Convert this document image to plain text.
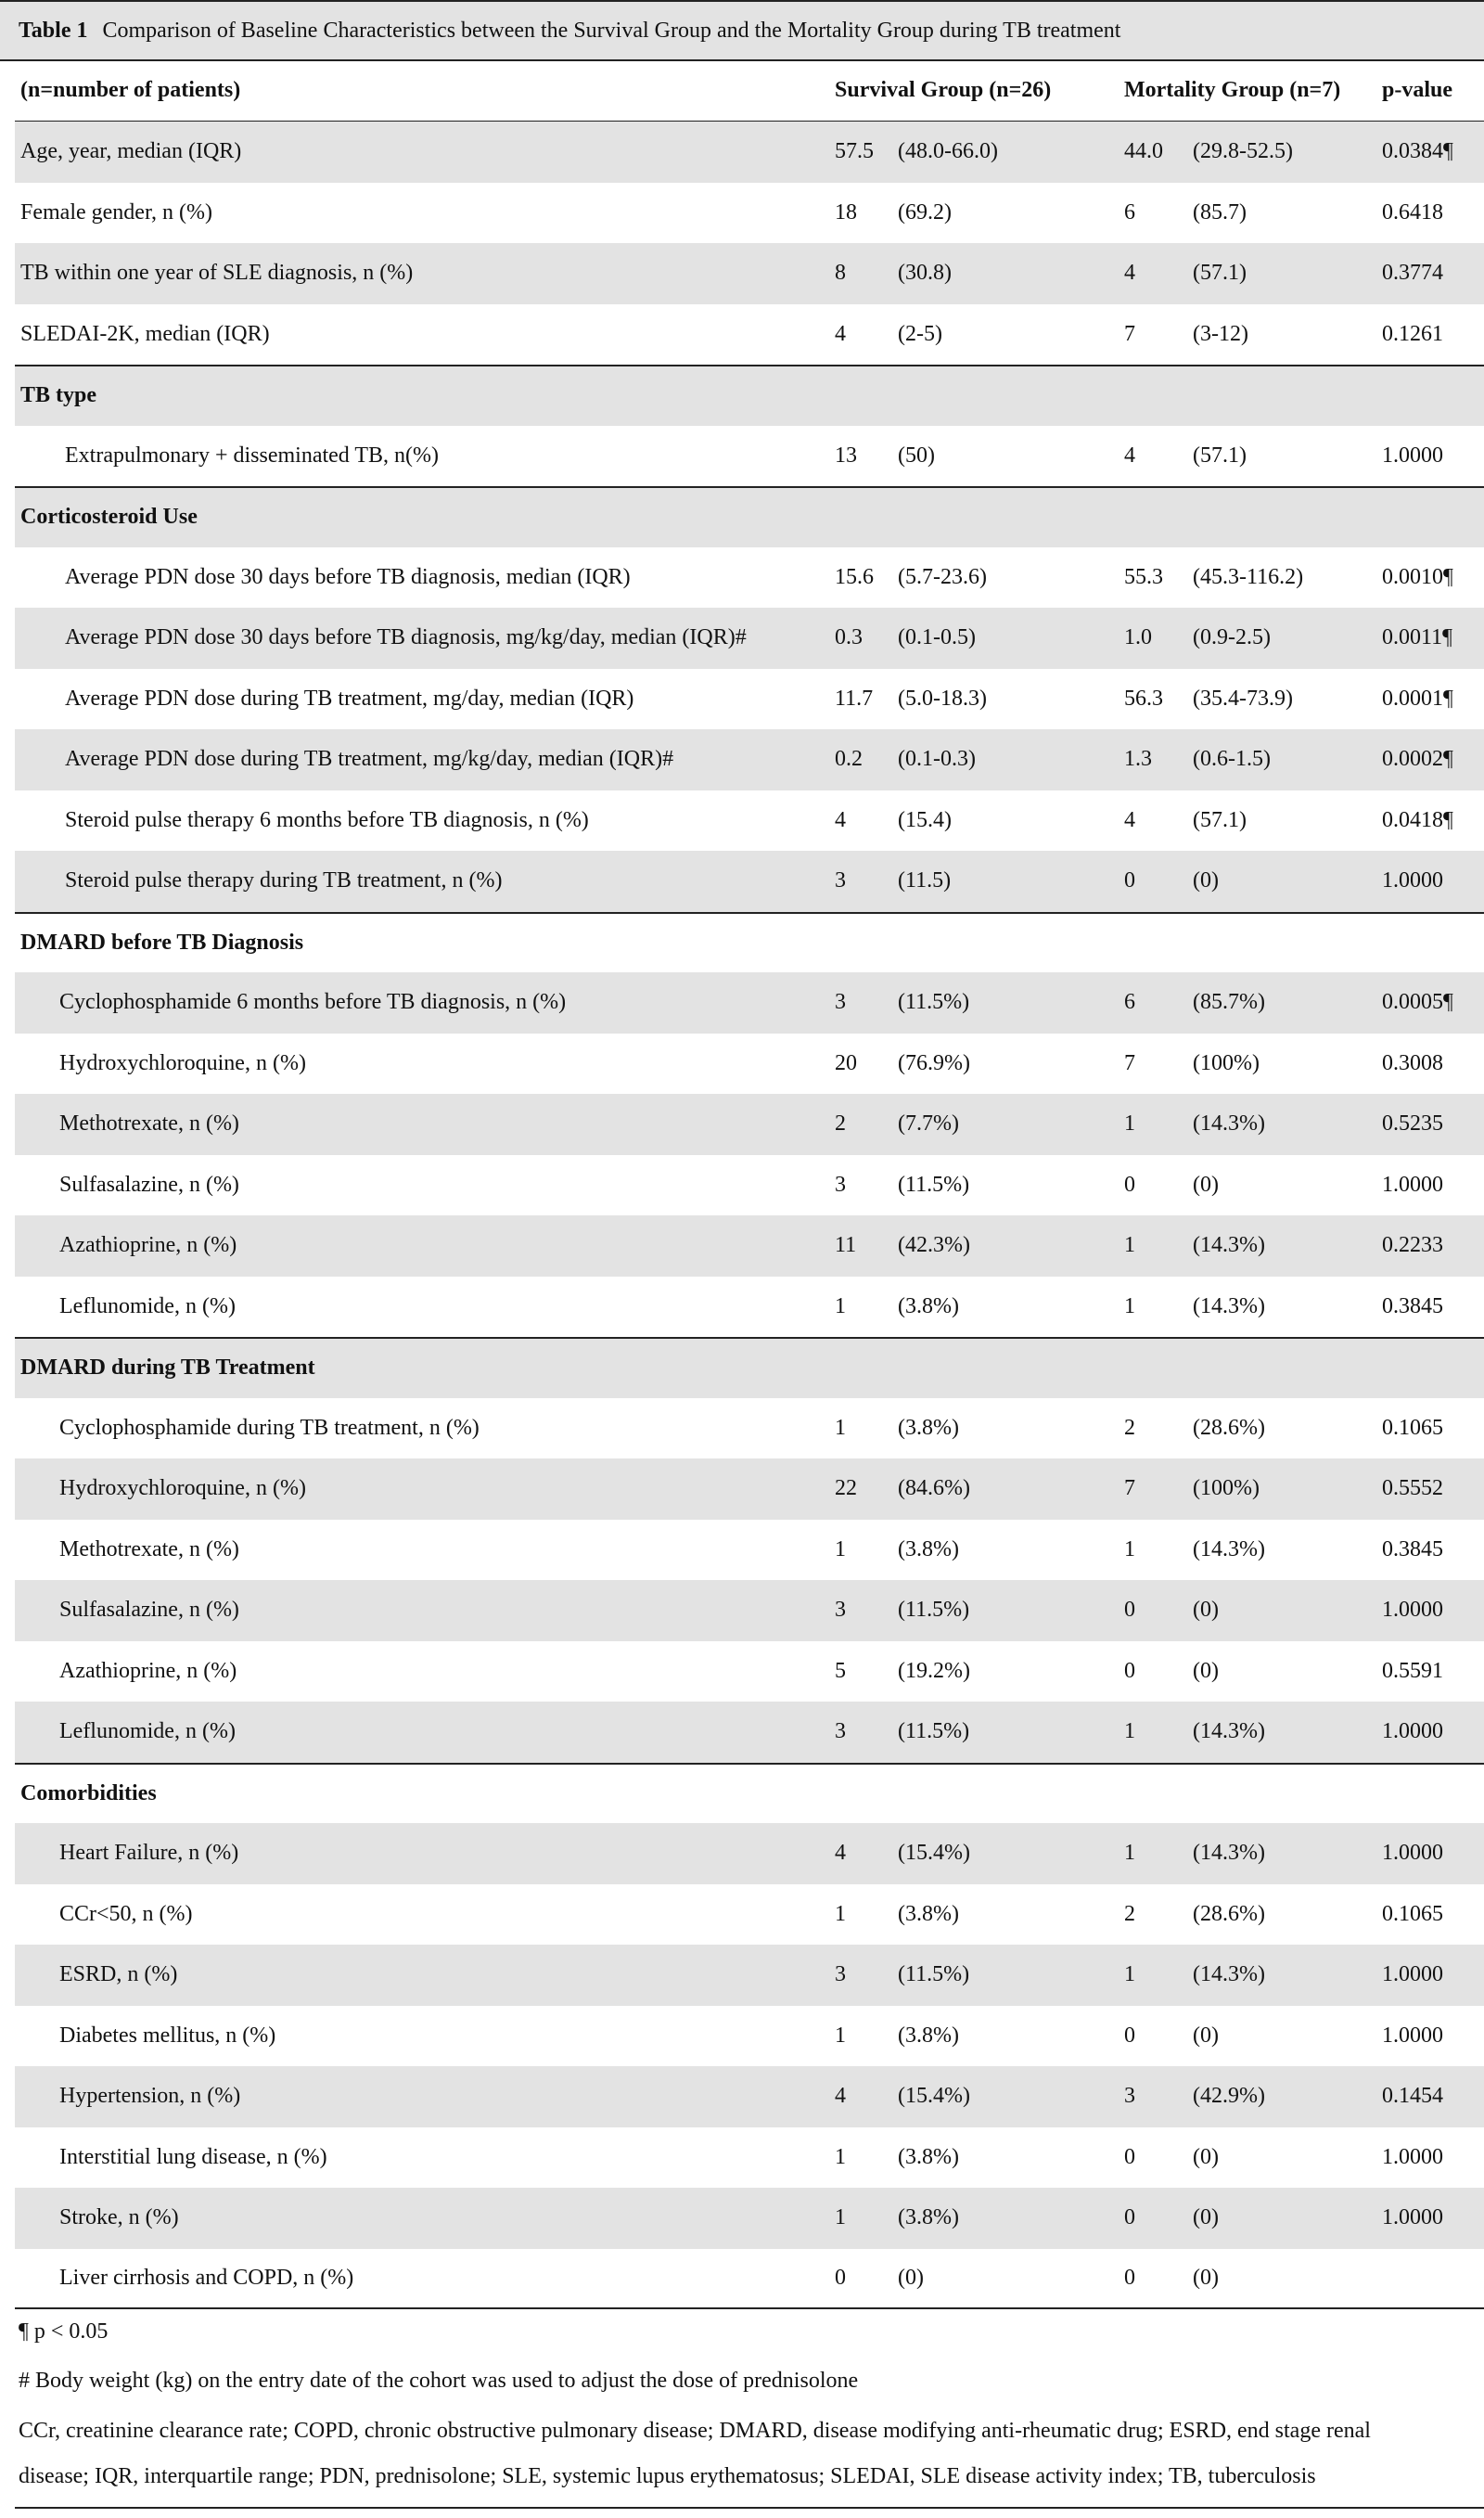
Table 1 Comparison of Baseline Characteristics between the Survival Group and the Mortality Group during TB treatment
(n=number of patients)	Survival Group (n=26)	Mortality Group (n=7) p-value
Age, year, median (IQR)	57.5 (48.0-66.0)	44.0 (29.8-52.5)	0.0384¶
Female gender, n (%)	18 (69.2)	6	(85.7)	0.6418
TB within one year of SLE diagnosis, n (%)	8 (30.8)	4	(57.1)	0.3774
SLEDAI-2K, median (IQR)	4 (2-5)	7	(3-12)	0.1261
TB type
Extrapulmonary + disseminated TB, n(%)	13 (50)	4	(57.1)	1.0000
Corticosteroid Use
Average PDN dose 30 days before TB diagnosis, median (IQR)	15.6 (5.7-23.6)	55.3 (45.3-116.2)	0.0010¶
Average PDN dose 30 days before TB diagnosis, mg/kg/day, median (IQR)#	0.3 (0.1-0.5)	1.0 (0.9-2.5)	0.0011¶
Average PDN dose during TB treatment, mg/day, median (IQR)	11.7 (5.0-18.3)	56.3 (35.4-73.9)	0.0001¶
Average PDN dose during TB treatment, mg/kg/day, median (IQR)#	0.2 (0.1-0.3)	1.3 (0.6-1.5)	0.0002¶
Steroid pulse therapy 6 months before TB diagnosis, n (%)	4 (15.4)	4	(57.1)	0.0418¶
Steroid pulse therapy during TB treatment, n (%)	3 (11.5)	0	(0)	1.0000
DMARD before TB Diagnosis
Cyclophosphamide 6 months before TB diagnosis, n (%)	3 (11.5%)	6	(85.7%)	0.0005¶
Hydroxychloroquine, n (%)	20 (76.9%)	7	(100%)	0.3008
Methotrexate, n (%)	2 (7.7%)	1	(14.3%)	0.5235
Sulfasalazine, n (%)	3 (11.5%)	0	(0)	1.0000
Azathioprine, n (%)	11 (42.3%)	1	(14.3%)	0.2233
Leflunomide, n (%)	1 (3.8%)	1	(14.3%)	0.3845
DMARD during TB Treatment
Cyclophosphamide during TB treatment, n (%)	1 (3.8%)	2	(28.6%)	0.1065
Hydroxychloroquine, n (%)	22 (84.6%)	7	(100%)	0.5552
Methotrexate, n (%)	1 (3.8%)	1	(14.3%)	0.3845
Sulfasalazine, n (%)	3 (11.5%)	0	(0)	1.0000
Azathioprine, n (%)	5 (19.2%)	0	(0)	0.5591
Leflunomide, n (%)	3 (11.5%)	1	(14.3%)	1.0000
Comorbidities
Heart Failure, n (%)	4 (15.4%)	1	(14.3%)	1.0000
CCr<50, n (%)	1 (3.8%)	2	(28.6%)	0.1065
ESRD, n (%)	3 (11.5%)	1	(14.3%)	1.0000
Diabetes mellitus, n (%)	1 (3.8%)	0	(0)	1.0000
Hypertension, n (%)	4 (15.4%)	3	(42.9%)	0.1454
Interstitial lung disease, n (%)	1 (3.8%)	0	(0)	1.0000
Stroke, n (%)	1 (3.8%)	0	(0)	1.0000
Liver cirrhosis and COPD, n (%)	0 (0)	0	(0)
¶ p < 0.05
# Body weight (kg) on the entry date of the cohort was used to adjust the dose of prednisolone
CCr, creatinine clearance rate; COPD, chronic obstructive pulmonary disease; DMARD, disease modifying anti-rheumatic drug; ESRD, end stage renal
disease; IQR, interquartile range; PDN, prednisolone; SLE, systemic lupus erythematosus; SLEDAI, SLE disease activity index; TB, tuberculosis
